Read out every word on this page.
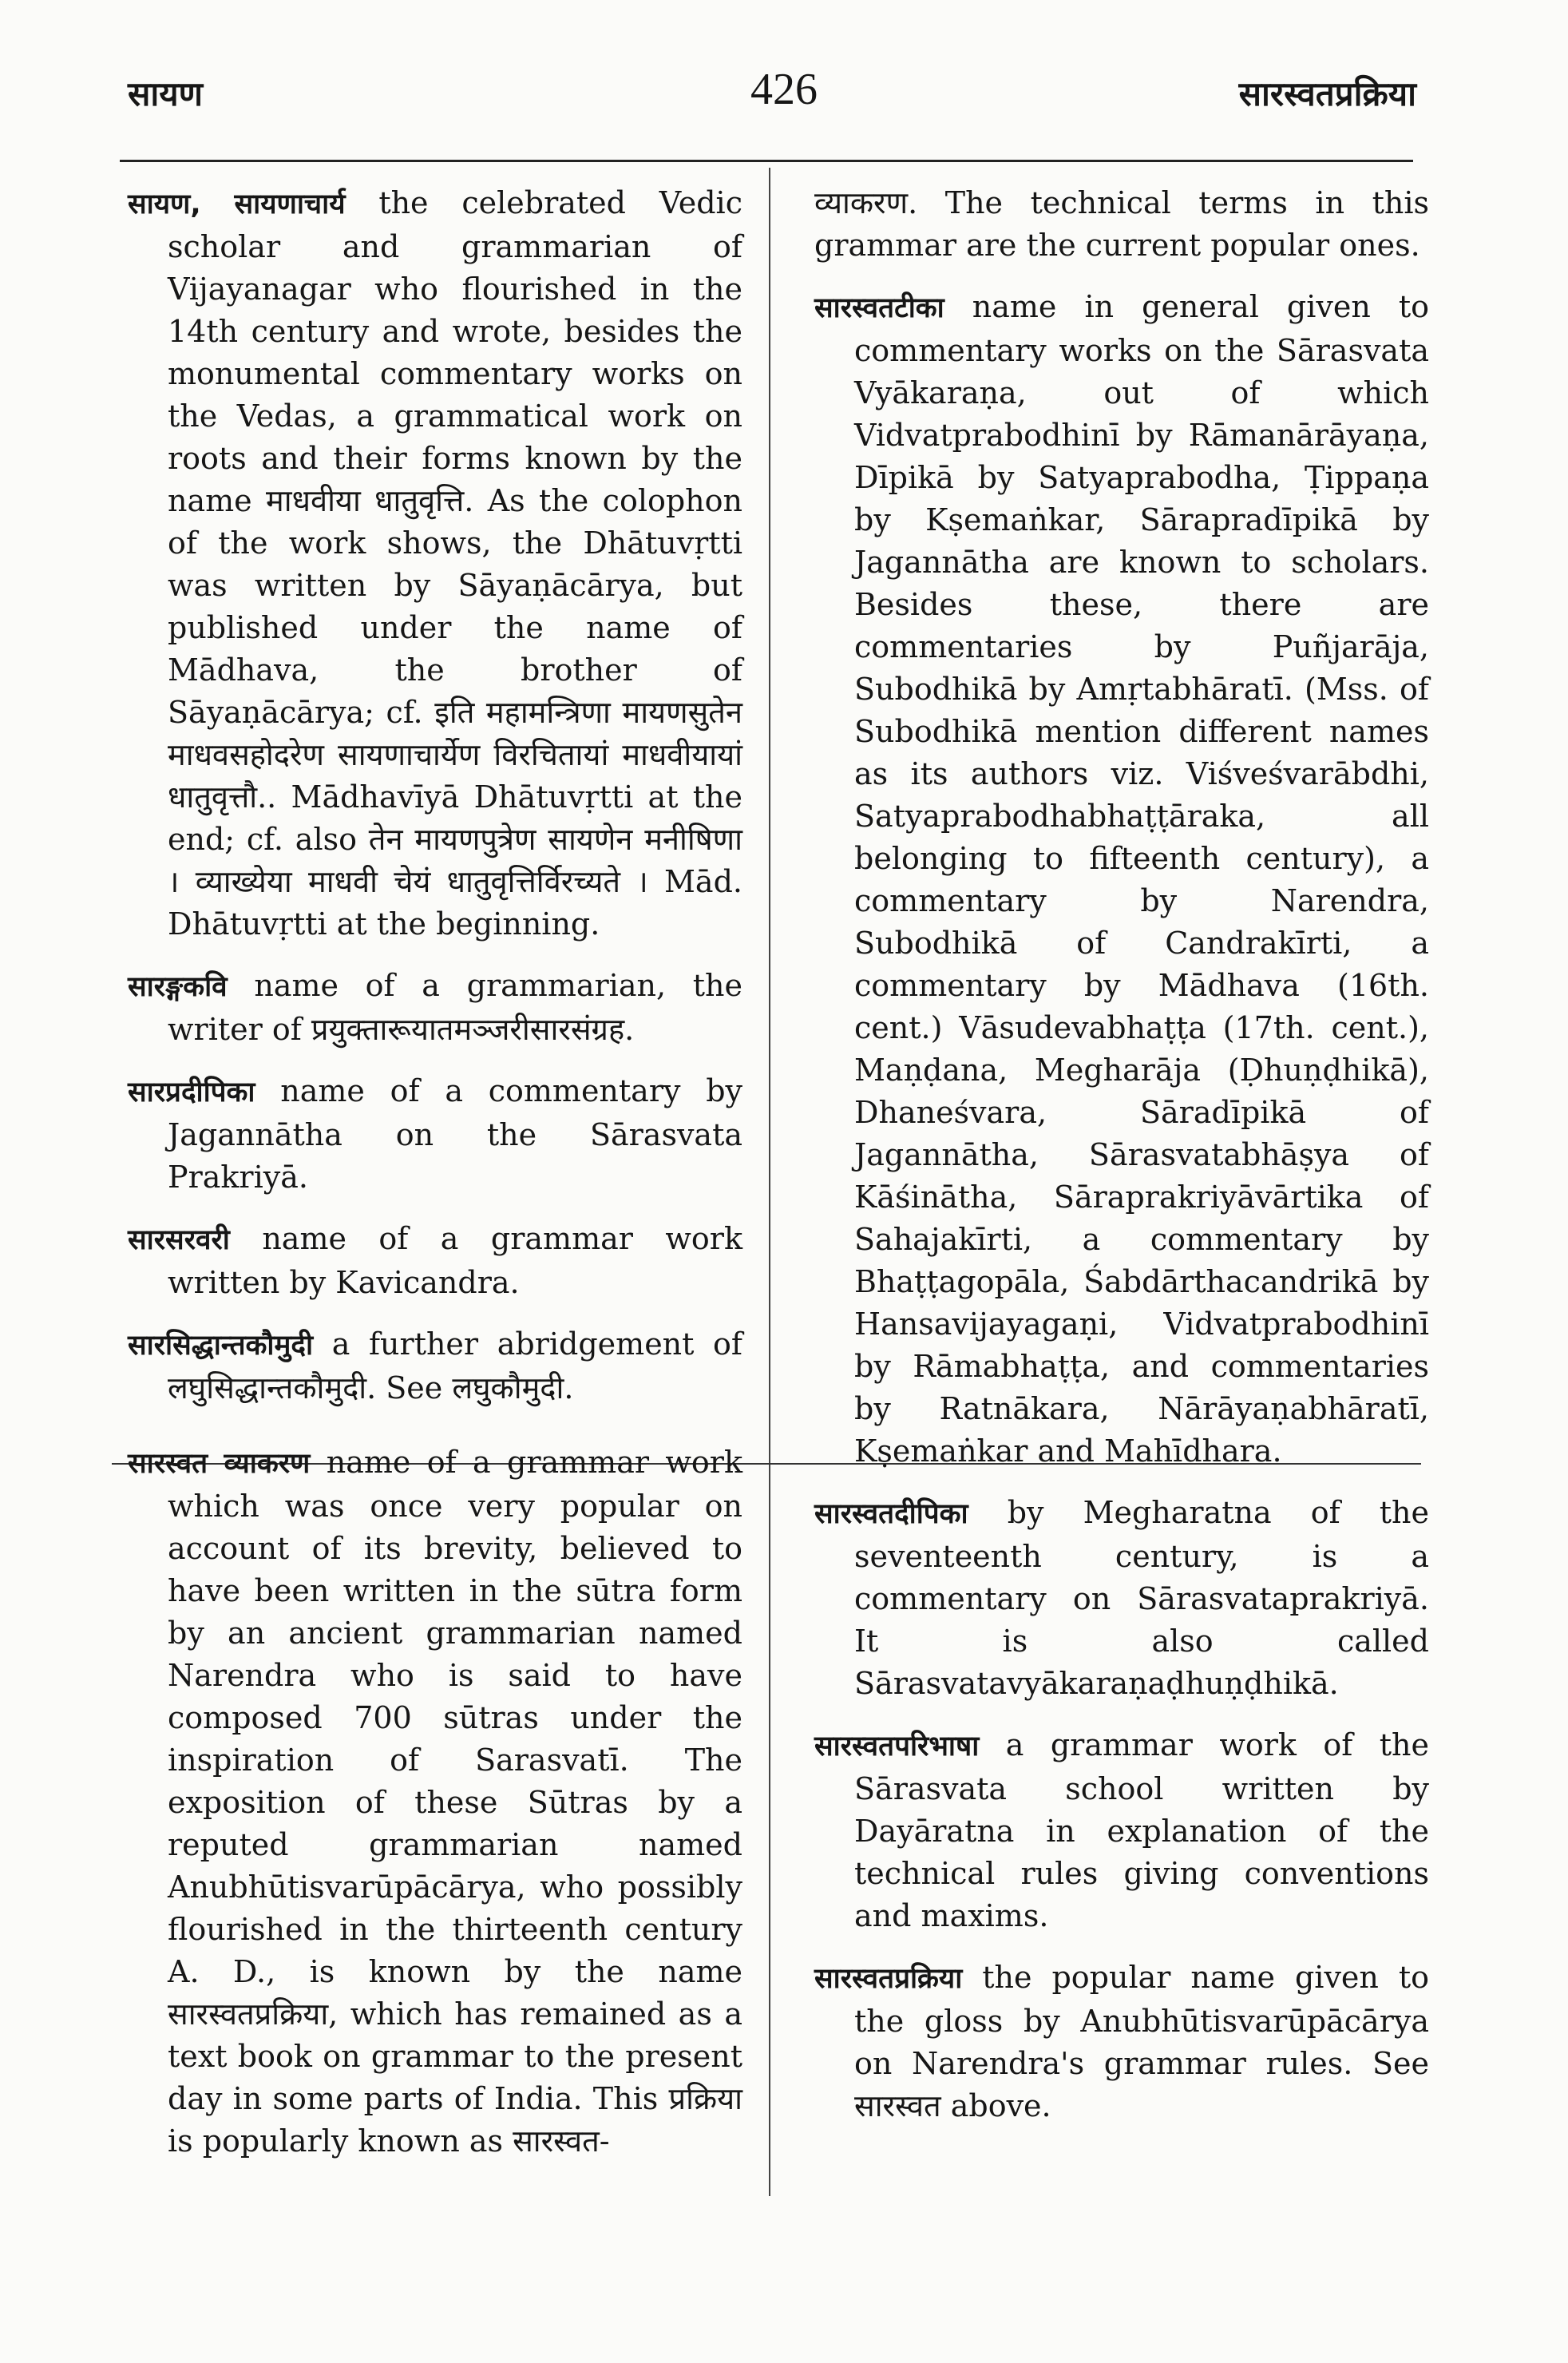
सायण	426	सारस्वतप्रक्रिया

सायण, सायणाचार्य the celebrated Vedic scholar and grammarian of Vijayanagar who flourished in the 14th century and wrote, besides the monumental commentary works on the Vedas, a grammatical work on roots and their forms known by the name माधवीया धातुवृत्ति. As the colophon of the work shows, the Dhātuvṛtti was written by Sāyaṇācārya, but published under the name of Mādhava, the brother of Sāyaṇācārya; cf. इति महामन्त्रिणा मायणसुतेन माधवसहोदरेण सायणाचार्येण विरचितायां माधवीयायां धातुवृत्तौ.. Mādhavīyā Dhātuvṛtti at the end; cf. also तेन मायणपुत्रेण सायणेन मनीषिणा । व्याख्येया माधवी चेयं धातुवृत्तिर्विरच्यते । Mād. Dhātuvṛtti at the beginning.

सारङ्गकवि name of a grammarian, the writer of प्रयुक्तारूयातमञ्जरीसारसंग्रह.

सारप्रदीपिका name of a commentary by Jagannātha on the Sārasvata Prakriyā.

सारसरवरी name of a grammar work written by Kavicandra.

सारसिद्धान्तकौमुदी a further abridgement of लघुसिद्धान्तकौमुदी. See लघुकौमुदी.

सारस्वत व्याकरण name of a grammar work which was once very popular on account of its brevity, believed to have been written in the sūtra form by an ancient grammarian named Narendra who is said to have composed 700 sūtras under the inspiration of Sarasvatī. The exposition of these Sūtras by a reputed grammarian named Anubhūtisvarūpācārya, who possibly flourished in the thirteenth century A. D., is known by the name सारस्वतप्रक्रिया, which has remained as a text book on grammar to the present day in some parts of India. This प्रक्रिया is popularly known as सारस्वत-

व्याकरण. The technical terms in this grammar are the current popular ones.

सारस्वतटीका name in general given to commentary works on the Sārasvata Vyākaraṇa, out of which Vidvatprabodhinī by Rāmanārāyaṇa, Dīpikā by Satyaprabodha, Ṭippaṇa by Kṣemaṅkar, Sārapradīpikā by Jagannātha are known to scholars. Besides these, there are commentaries by Puñjarāja, Subodhikā by Amṛtabhāratī. (Mss. of Subodhikā mention different names as its authors viz. Viśveśvarābdhi, Satyaprabodhabhaṭṭāraka, all belonging to fifteenth century), a commentary by Narendra, Subodhikā of Candrakīrti, a commentary by Mādhava (16th. cent.) Vāsudevabhaṭṭa (17th. cent.), Maṇḍana, Megharāja (Ḍhuṇḍhikā), Dhaneśvara, Sāradīpikā of Jagannātha, Sārasvatabhāṣya of Kāśinātha, Sāraprakriyāvārtika of Sahajakīrti, a commentary by Bhaṭṭagopāla, Śabdārthacandrikā by Hansavijayagaṇi, Vidvatprabodhinī by Rāmabhaṭṭa, and commentaries by Ratnākara, Nārāyaṇabhāratī, Kṣemaṅkar and Mahīdhara.

सारस्वतदीपिका by Megharatna of the seventeenth century, is a commentary on Sārasvataprakriyā. It is also called Sārasvatavyākaraṇaḍhuṇḍhikā.

सारस्वतपरिभाषा a grammar work of the Sārasvata school written by Dayāratna in explanation of the technical rules giving conventions and maxims.

सारस्वतप्रक्रिया the popular name given to the gloss by Anubhūtisvarūpācārya on Narendra's grammar rules. See सारस्वत above.
